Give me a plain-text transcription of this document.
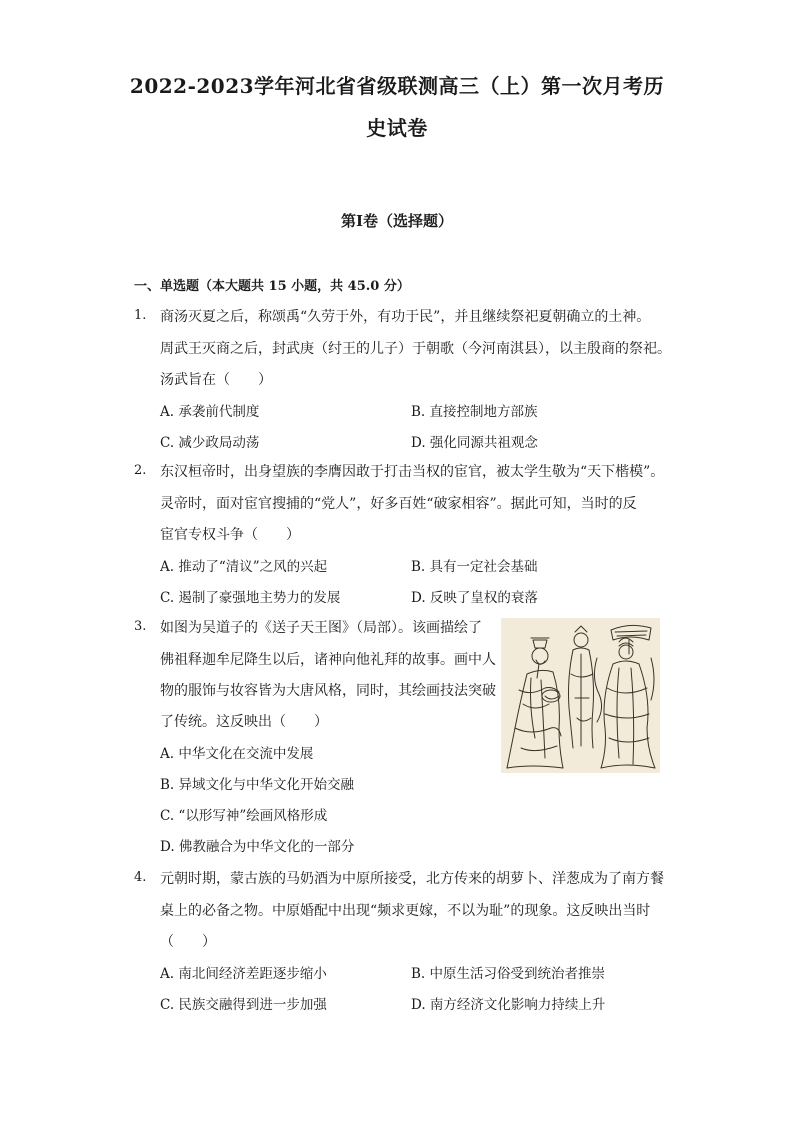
2022-2023学年河北省省级联测高三（上）第一次月考历
史试卷
第I卷（选择题）
一、单选题（本大题共 15 小题，共 45.0 分）
1. 商汤灭夏之后，称颂禹“久劳于外，有功于民”，并且继续祭祀夏朝确立的土神。
周武王灭商之后，封武庚（纣王的儿子）于朝歌（今河南淇县），以主殷商的祭祀。
汤武旨在（　　）
A. 承袭前代制度	B. 直接控制地方部族
C. 减少政局动荡	D. 强化同源共祖观念
2. 东汉桓帝时，出身望族的李膺因敢于打击当权的宦官，被太学生敬为“天下楷模”。
灵帝时，面对宦官搜捕的“党人”，好多百姓“破家相容”。据此可知，当时的反
宦官专权斗争（　　）
A. 推动了“清议”之风的兴起	B. 具有一定社会基础
C. 遏制了豪强地主势力的发展	D. 反映了皇权的衰落
3. 如图为吴道子的《送子天王图》（局部）。该画描绘了
佛祖释迦牟尼降生以后，诸神向他礼拜的故事。画中人
物的服饰与妆容皆为大唐风格，同时，其绘画技法突破
了传统。这反映出（　　）
A. 中华文化在交流中发展
B. 异域文化与中华文化开始交融
C. “以形写神”绘画风格形成
D. 佛教融合为中华文化的一部分
4. 元朝时期，蒙古族的马奶酒为中原所接受，北方传来的胡萝卜、洋葱成为了南方餐
桌上的必备之物。中原婚配中出现“频求更嫁，不以为耻”的现象。这反映出当时
（　　）
A. 南北间经济差距逐步缩小	B. 中原生活习俗受到统治者推崇
C. 民族交融得到进一步加强	D. 南方经济文化影响力持续上升
